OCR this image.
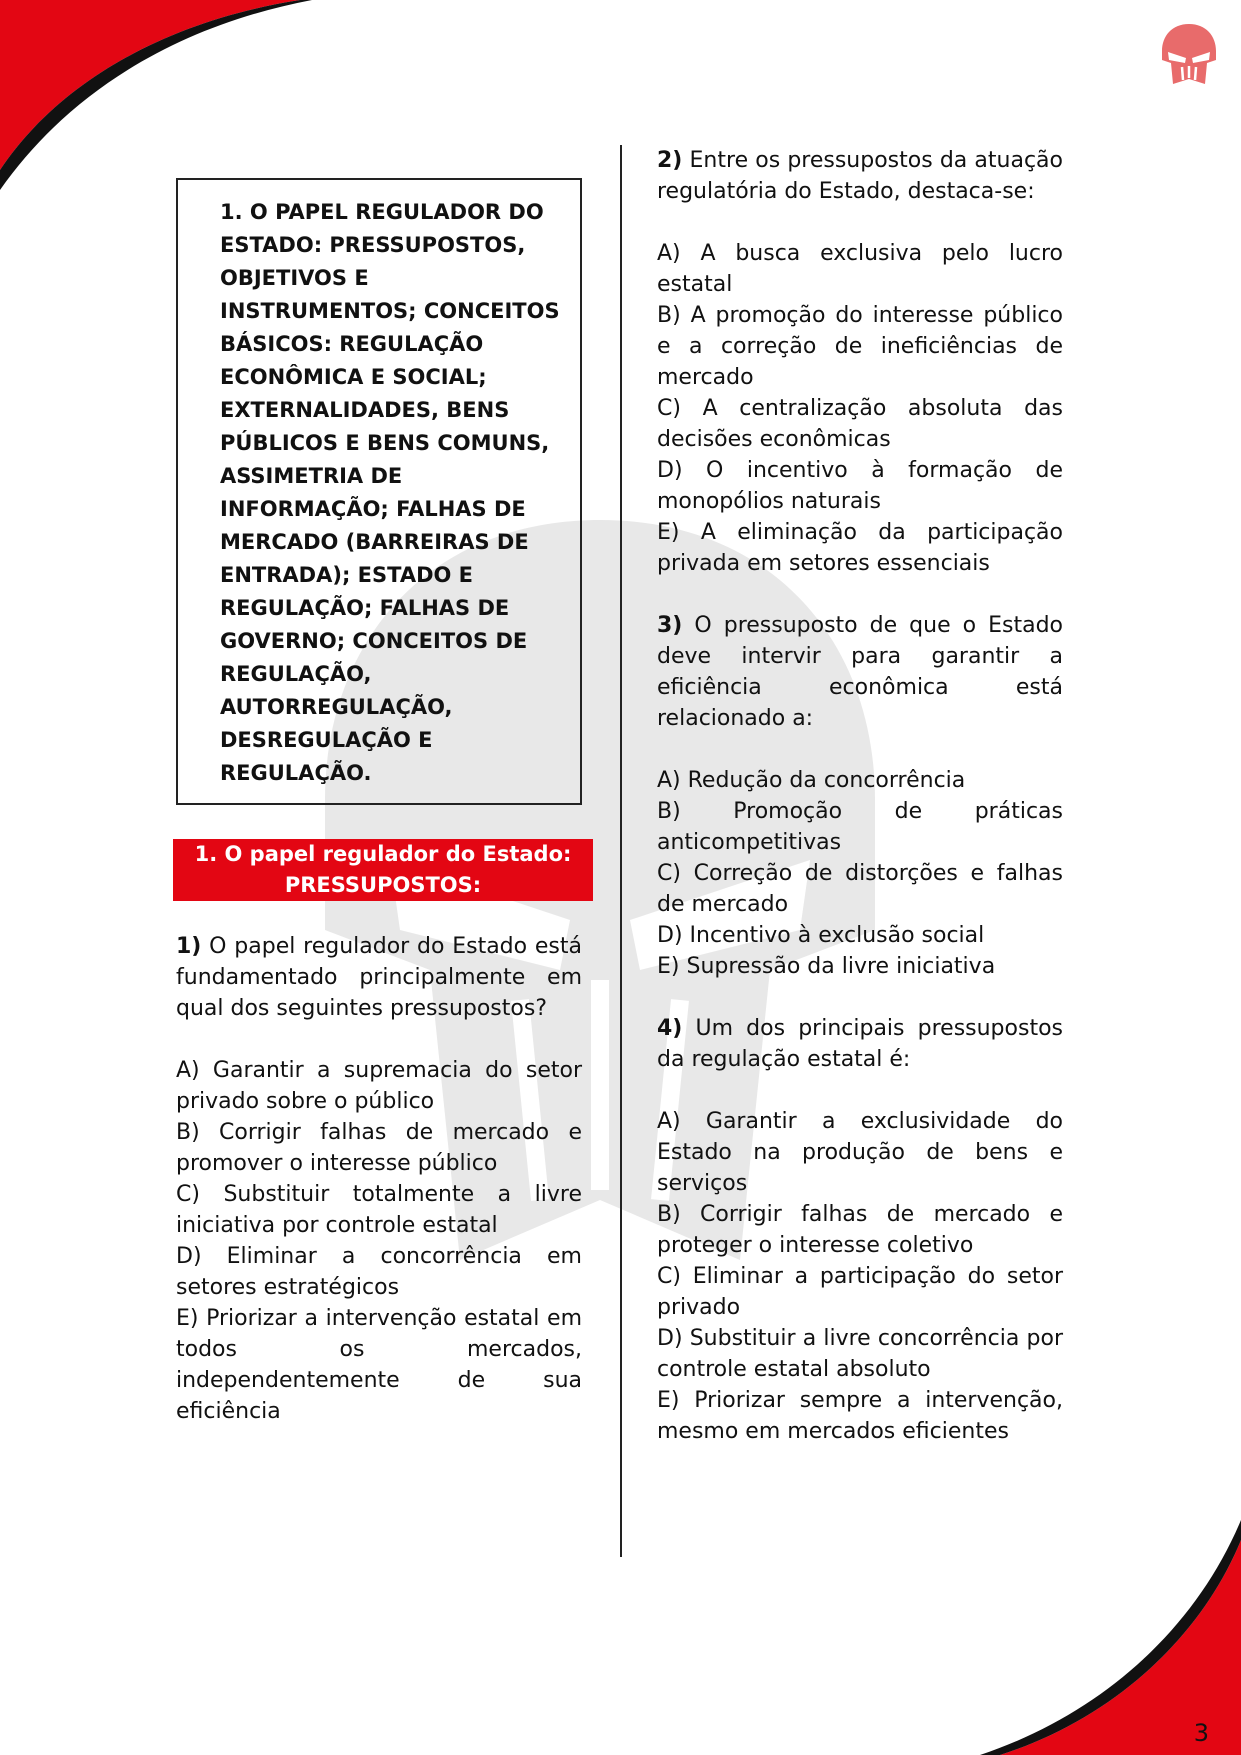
1. O PAPEL REGULADOR DO ESTADO: PRESSUPOSTOS, OBJETIVOS E INSTRUMENTOS; CONCEITOS BÁSICOS: REGULAÇÃO ECONÔMICA E SOCIAL; EXTERNALIDADES, BENS PÚBLICOS E BENS COMUNS, ASSIMETRIA DE INFORMAÇÃO; FALHAS DE MERCADO (BARREIRAS DE ENTRADA); ESTADO E REGULAÇÃO; FALHAS DE GOVERNO; CONCEITOS DE REGULAÇÃO, AUTORREGULAÇÃO, DESREGULAÇÃO E REGULAÇÃO.

1. O papel regulador do Estado:
PRESSUPOSTOS:
1) O papel regulador do Estado está fundamentado principalmente em qual dos seguintes pressupostos?
A) Garantir a supremacia do setor privado sobre o público
B) Corrigir falhas de mercado e promover o interesse público
C) Substituir totalmente a livre iniciativa por controle estatal
D) Eliminar a concorrência em setores estratégicos
E) Priorizar a intervenção estatal em todos os mercados, independentemente de sua eficiência
2) Entre os pressupostos da atuação regulatória do Estado, destaca-se:
A) A busca exclusiva pelo lucro estatal
B) A promoção do interesse público e a correção de ineficiências de mercado
C) A centralização absoluta das decisões econômicas
D) O incentivo à formação de monopólios naturais
E) A eliminação da participação privada em setores essenciais
3) O pressuposto de que o Estado deve intervir para garantir a eficiência econômica está relacionado a:
A) Redução da concorrência
B) Promoção de práticas anticompetitivas
C) Correção de distorções e falhas de mercado
D) Incentivo à exclusão social
E) Supressão da livre iniciativa
4) Um dos principais pressupostos da regulação estatal é:
A) Garantir a exclusividade do Estado na produção de bens e serviços
B) Corrigir falhas de mercado e proteger o interesse coletivo
C) Eliminar a participação do setor privado
D) Substituir a livre concorrência por controle estatal absoluto
E) Priorizar sempre a intervenção, mesmo em mercados eficientes
3
